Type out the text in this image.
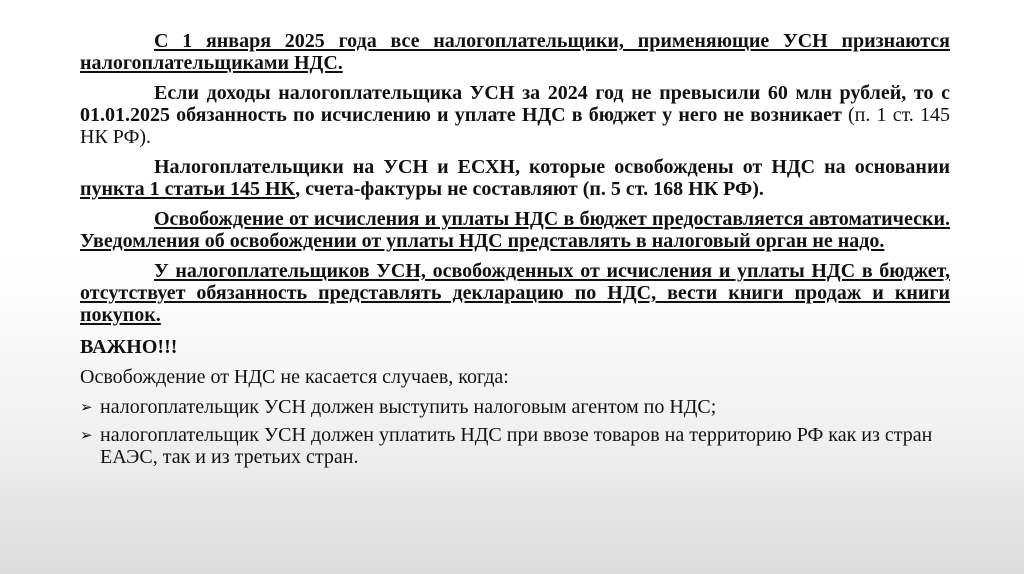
С 1 января 2025 года все налогоплательщики, применяющие УСН признаются налогоплательщиками НДС.

Если доходы налогоплательщика УСН за 2024 год не превысили 60 млн рублей, то с 01.01.2025 обязанность по исчислению и уплате НДС в бюджет у него не возникает (п. 1 ст. 145 НК РФ).

Налогоплательщики на УСН и ЕСХН, которые освобождены от НДС на основании пункта 1 статьи 145 НК, счета-фактуры не составляют (п. 5 ст. 168 НК РФ).

Освобождение от исчисления и уплаты НДС в бюджет предоставляется автоматически. Уведомления об освобождении от уплаты НДС представлять в налоговый орган не надо.

У налогоплательщиков УСН, освобожденных от исчисления и уплаты НДС в бюджет, отсутствует обязанность представлять декларацию по НДС, вести книги продаж и книги покупок.

ВАЖНО!!!
Освобождение от НДС не касается случаев, когда:
➢ налогоплательщик УСН должен выступить налоговым агентом по НДС;
➢ налогоплательщик УСН должен уплатить НДС при ввозе товаров на территорию РФ как из стран ЕАЭС, так и из третьих стран.
